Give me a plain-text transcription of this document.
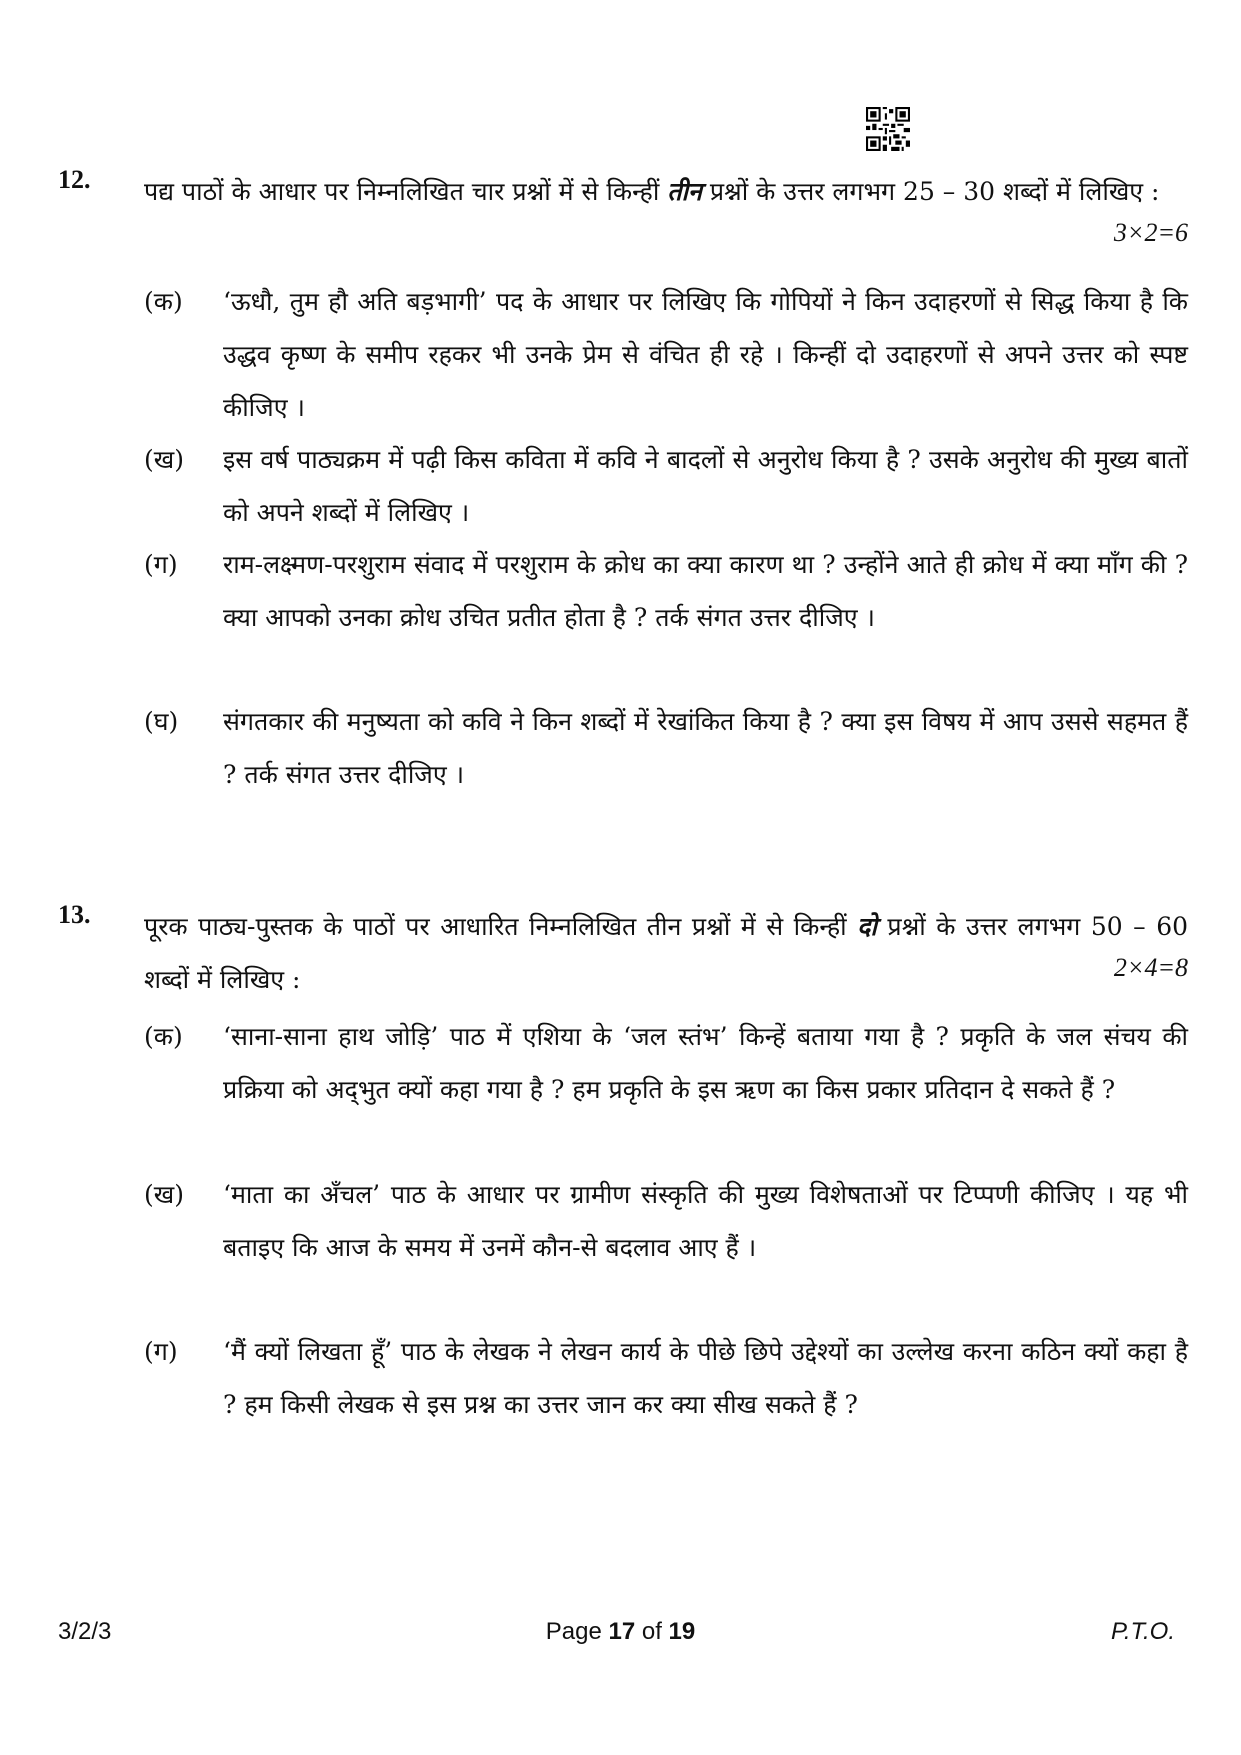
12. पद्य पाठों के आधार पर निम्नलिखित चार प्रश्नों में से किन्हीं तीन प्रश्नों के उत्तर लगभग 25 – 30 शब्दों में लिखिए :
3×2=6
(क) ‘ऊधौ, तुम हौ अति बड़भागी’ पद के आधार पर लिखिए कि गोपियों ने किन उदाहरणों से सिद्ध किया है कि उद्धव कृष्ण के समीप रहकर भी उनके प्रेम से वंचित ही रहे । किन्हीं दो उदाहरणों से अपने उत्तर को स्पष्ट कीजिए ।
(ख) इस वर्ष पाठ्यक्रम में पढ़ी किस कविता में कवि ने बादलों से अनुरोध किया है ? उसके अनुरोध की मुख्य बातों को अपने शब्दों में लिखिए ।
(ग) राम-लक्ष्मण-परशुराम संवाद में परशुराम के क्रोध का क्या कारण था ? उन्होंने आते ही क्रोध में क्या माँग की ? क्या आपको उनका क्रोध उचित प्रतीत होता है ? तर्क संगत उत्तर दीजिए ।
(घ) संगतकार की मनुष्यता को कवि ने किन शब्दों में रेखांकित किया है ? क्या इस विषय में आप उससे सहमत हैं ? तर्क संगत उत्तर दीजिए ।
13. पूरक पाठ्य-पुस्तक के पाठों पर आधारित निम्नलिखित तीन प्रश्नों में से किन्हीं दो प्रश्नों के उत्तर लगभग 50 – 60 शब्दों में लिखिए :	2×4=8
(क) ‘साना-साना हाथ जोड़ि’ पाठ में एशिया के ‘जल स्तंभ’ किन्हें बताया गया है ? प्रकृति के जल संचय की प्रक्रिया को अद्‌भुत क्यों कहा गया है ? हम प्रकृति के इस ऋण का किस प्रकार प्रतिदान दे सकते हैं ?
(ख) ‘माता का अँचल’ पाठ के आधार पर ग्रामीण संस्कृति की मुख्य विशेषताओं पर टिप्पणी कीजिए । यह भी बताइए कि आज के समय में उनमें कौन-से बदलाव आए हैं ।
(ग) ‘मैं क्यों लिखता हूँ’ पाठ के लेखक ने लेखन कार्य के पीछे छिपे उद्देश्यों का उल्लेख करना कठिन क्यों कहा है ? हम किसी लेखक से इस प्रश्न का उत्तर जान कर क्या सीख सकते हैं ?
3/2/3	Page 17 of 19	P.T.O.
